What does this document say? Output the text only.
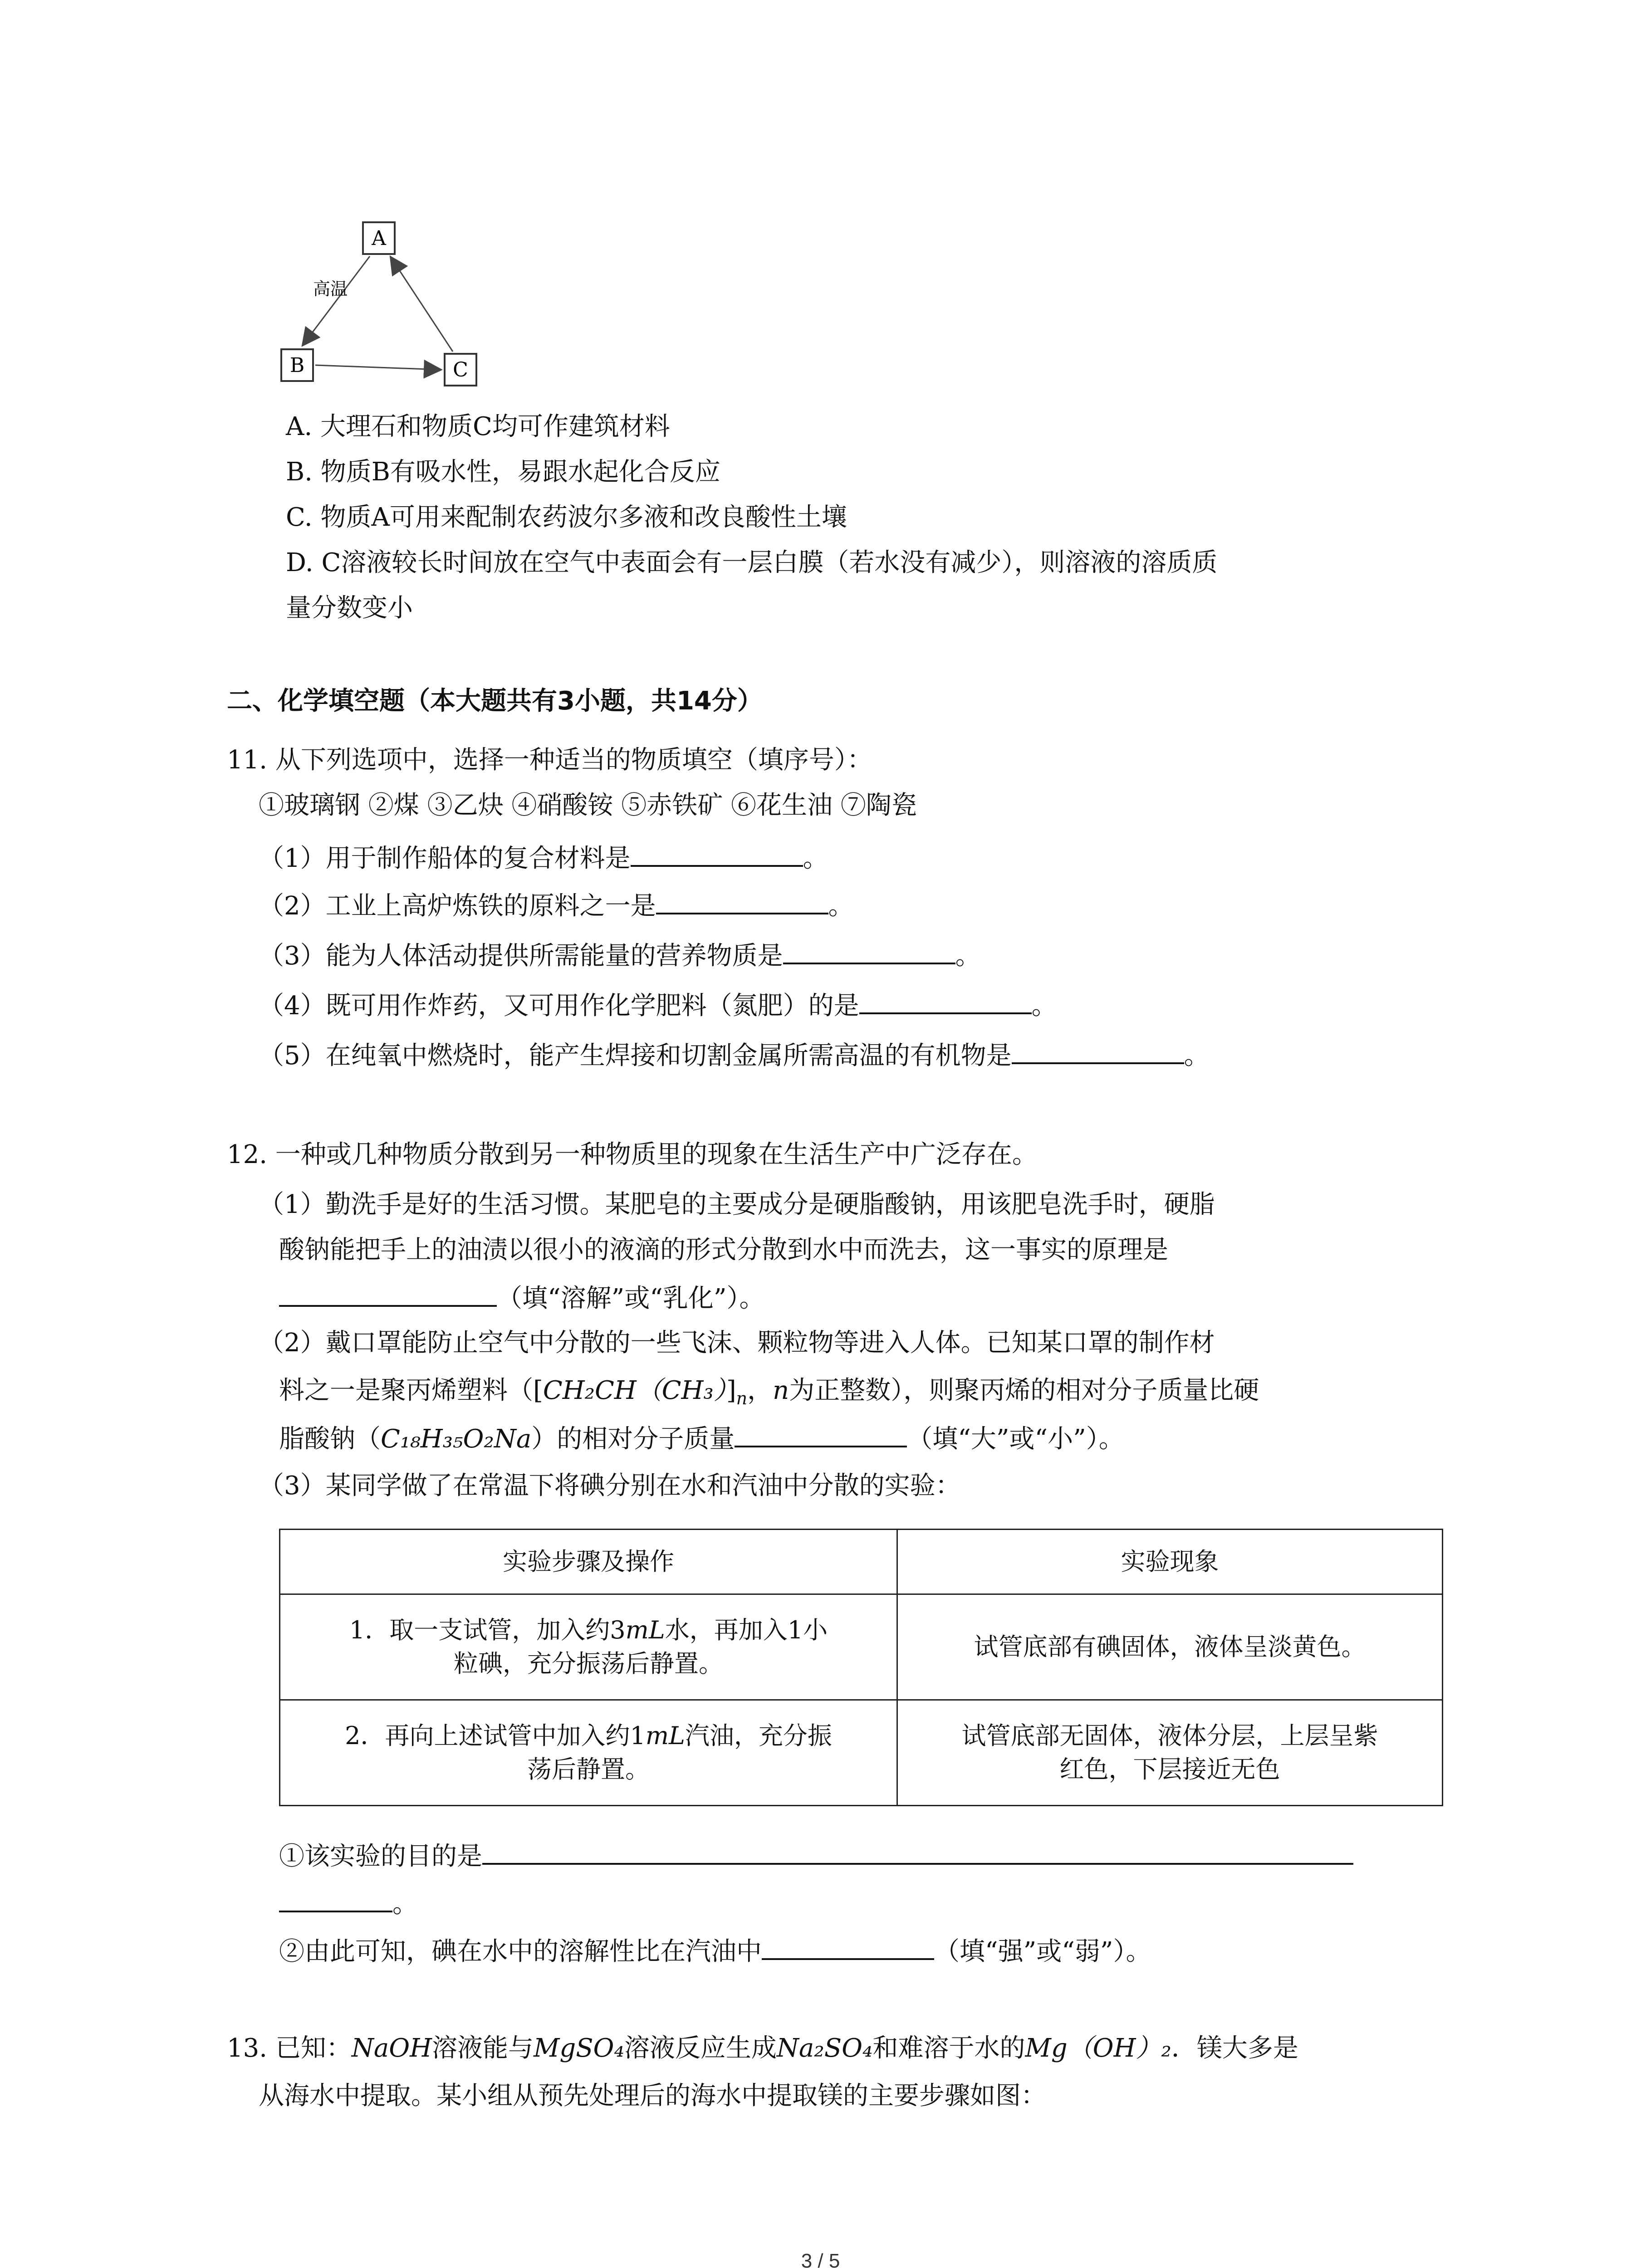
A
B	C
高温
A. 大理石和物质C均可作建筑材料
B. 物质B有吸水性，易跟水起化合反应
C. 物质A可用来配制农药波尔多液和改良酸性土壤
D. C溶液较长时间放在空气中表面会有一层白膜（若水没有减少），则溶液的溶质质
量分数变小
二、化学填空题（本大题共有3小题，共14分）
11. 从下列选项中，选择一种适当的物质填空（填序号）：
①玻璃钢 ②煤 ③乙炔 ④硝酸铵 ⑤赤铁矿 ⑥花生油 ⑦陶瓷
（1）用于制作船体的复合材料是	。
（2）工业上高炉炼铁的原料之一是	。
（3）能为人体活动提供所需能量的营养物质是	。
（4）既可用作炸药，又可用作化学肥料（氮肥）的是	。
（5）在纯氧中燃烧时，能产生焊接和切割金属所需高温的有机物是	。
12. 一种或几种物质分散到另一种物质里的现象在生活生产中广泛存在。
（1）勤洗手是好的生活习惯。某肥皂的主要成分是硬脂酸钠，用该肥皂洗手时，硬脂
酸钠能把手上的油渍以很小的液滴的形式分散到水中而洗去，这一事实的原理是
（填“溶解”或“乳化”）。
（2）戴口罩能防止空气中分散的一些飞沫、颗粒物等进入人体。已知某口罩的制作材
料之一是聚丙烯塑料（$[CH_2CH(CH_3)]_n$，n为正整数），则聚丙烯的相对分子质量比硬
脂酸钠（C₁₈H₃₅O₂Na）的相对分子质量	（填“大”或“小”）。
（3）某同学做了在常温下将碘分别在水和汽油中分散的实验：
实验步骤及操作	实验现象
1．取一支试管，加入约3mL水，再加入1小
粒碘，充分振荡后静置。	试管底部有碘固体，液体呈淡黄色。
2．再向上述试管中加入约1mL汽油，充分振
荡后静置。	试管底部无固体，液体分层，上层呈紫
红色，下层接近无色
①该实验的目的是
。
②由此可知，碘在水中的溶解性比在汽油中	（填“强”或“弱”）。
13. 已知：NaOH溶液能与MgSO₄溶液反应生成Na₂SO₄和难溶于水的Mg（OH）₂．镁大多是
从海水中提取。某小组从预先处理后的海水中提取镁的主要步骤如图：
3 / 5
